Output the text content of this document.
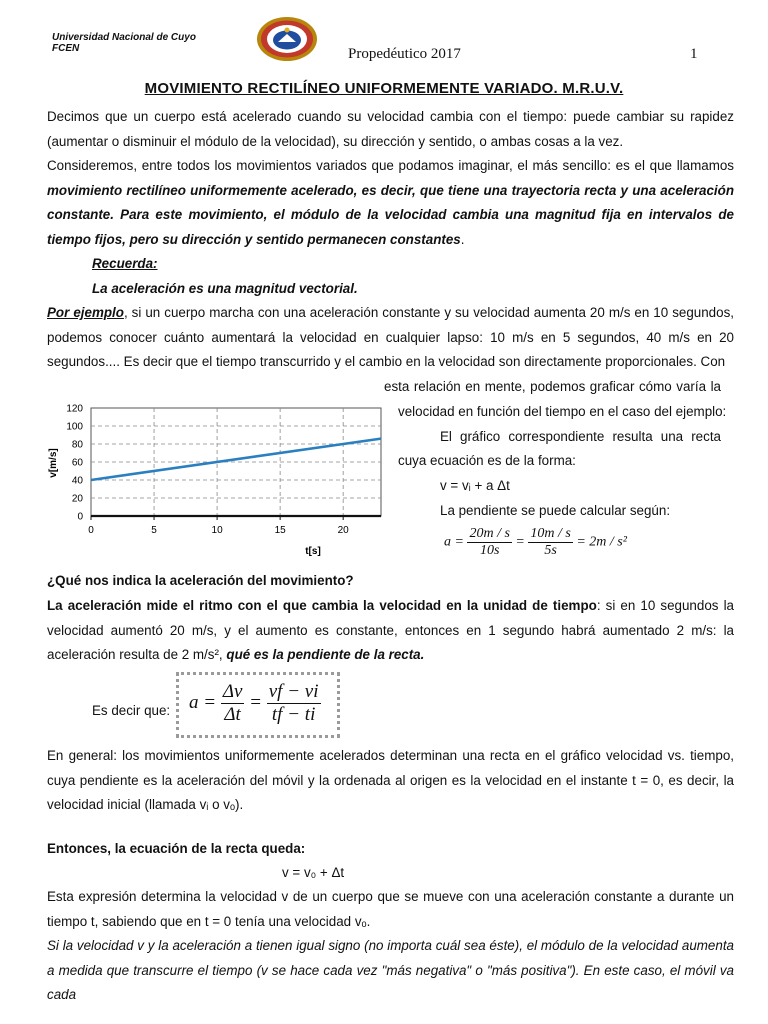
Universidad Nacional de Cuyo
FCEN	Propedéutico 2017	1
MOVIMIENTO RECTILÍNEO UNIFORMEMENTE VARIADO. M.R.U.V.
Decimos que un cuerpo está acelerado cuando su velocidad cambia con el tiempo: puede cambiar su rapidez (aumentar o disminuir el módulo de la velocidad), su dirección y sentido, o ambas cosas a la vez.
Consideremos, entre todos los movimientos variados que podamos imaginar, el más sencillo: es el que llamamos movimiento rectilíneo uniformemente acelerado, es decir, que tiene una trayectoria recta y una aceleración constante. Para este movimiento, el módulo de la velocidad cambia una magnitud fija en intervalos de tiempo fijos, pero su dirección y sentido permanecen constantes.
Recuerda:
La aceleración es una magnitud vectorial.
Por ejemplo, si un cuerpo marcha con una aceleración constante y su velocidad aumenta 20 m/s en 10 segundos, podemos conocer cuánto aumentará la velocidad en cualquier lapso: 10 m/s en 5 segundos, 40 m/s en 20 segundos.... Es decir que el tiempo transcurrido y el cambio en la velocidad son directamente proporcionales. Con
0
20
40
60
80
100
120
0	5	10	15	20
v[m/s]
t[s]
esta relación en mente, podemos graficar cómo varía la
velocidad en función del tiempo en el caso del ejemplo:
El gráfico correspondiente resulta una recta
cuya ecuación es de la forma:
v = vᵢ + a Δt
La pendiente se puede calcular según:
$a = \frac{20m / s}{10s} = \frac{10m / s}{5s} = 2m / s^2$
¿Qué nos indica la aceleración del movimiento?
La aceleración mide el ritmo con el que cambia la velocidad en la unidad de tiempo: si en 10 segundos la velocidad aumentó 20 m/s, y el aumento es constante, entonces en 1 segundo habrá aumentado 2 m/s: la aceleración resulta de 2 m/s², qué es la pendiente de la recta.
Es decir que: $a = \frac{\Delta v}{\Delta t} = \frac{vf - vi}{tf - ti}$
En general: los movimientos uniformemente acelerados determinan una recta en el gráfico velocidad vs. tiempo, cuya pendiente es la aceleración del móvil y la ordenada al origen es la velocidad en el instante t = 0, es decir, la velocidad inicial (llamada vᵢ o vₒ).
Entonces, la ecuación de la recta queda:
v = v₀ + Δt
Esta expresión determina la velocidad v de un cuerpo que se mueve con una aceleración constante a durante un tiempo t, sabiendo que en t = 0 tenía una velocidad vₒ.
Si la velocidad v y la aceleración a tienen igual signo (no importa cuál sea éste), el módulo de la velocidad aumenta a medida que transcurre el tiempo (v se hace cada vez "más negativa" o "más positiva"). En este caso, el móvil va cada
